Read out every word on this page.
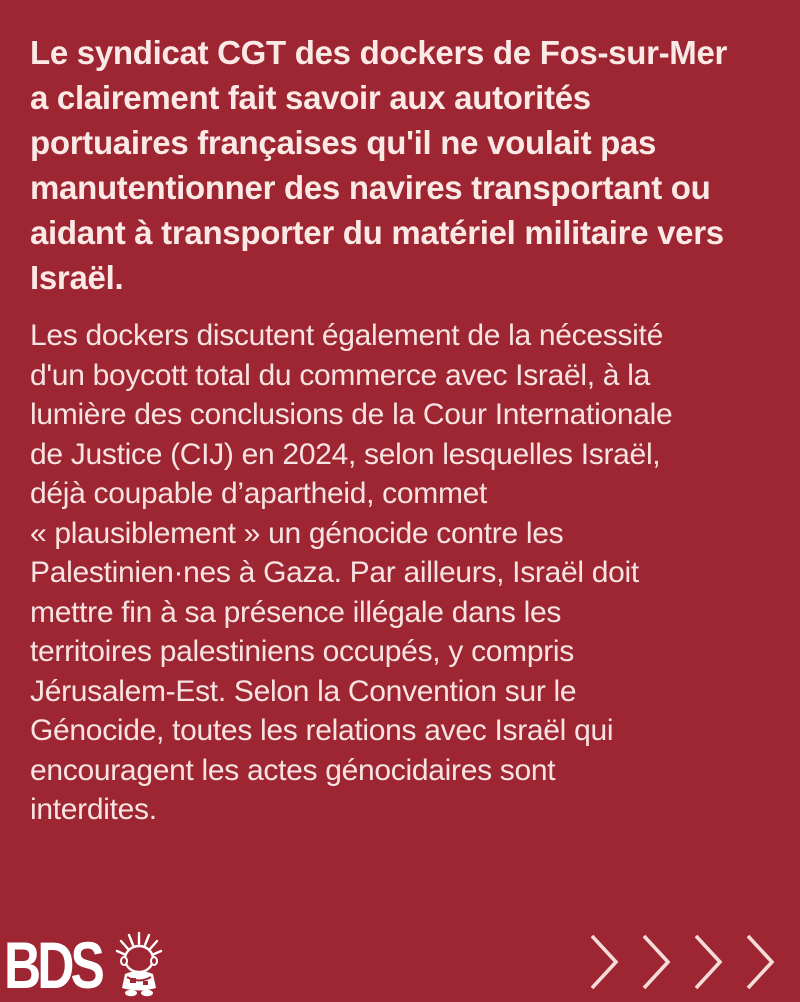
Le syndicat CGT des dockers de Fos-sur-Mer
a clairement fait savoir aux autorités
portuaires françaises qu'il ne voulait pas
manutentionner des navires transportant ou
aidant à transporter du matériel militaire vers
Israël.

Les dockers discutent également de la nécessité
d'un boycott total du commerce avec Israël, à la
lumière des conclusions de la Cour Internationale
de Justice (CIJ) en 2024, selon lesquelles Israël,
déjà coupable d’apartheid, commet
« plausiblement » un génocide contre les
Palestinien·nes à Gaza. Par ailleurs, Israël doit
mettre fin à sa présence illégale dans les
territoires palestiniens occupés, y compris
Jérusalem-Est. Selon la Convention sur le
Génocide, toutes les relations avec Israël qui
encouragent les actes génocidaires sont
interdites.

BDS
